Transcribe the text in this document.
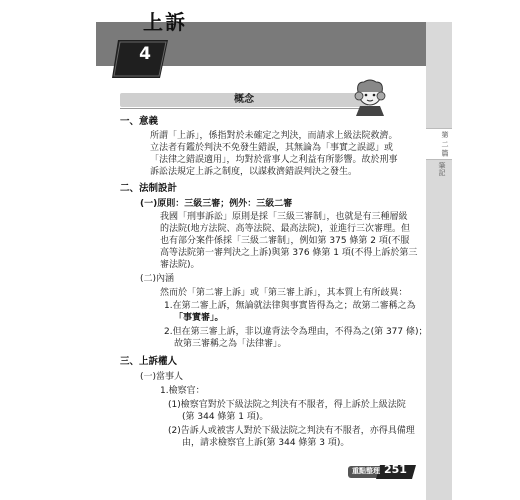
第 二 篇
筆記
上訴
4
概念
一、意義
所謂「上訴」，係指對於未確定之判決，而請求上級法院救濟。
立法者有鑑於判決不免發生錯誤，其無論為「事實之誤認」或
「法律之錯誤適用」，均對於當事人之利益有所影響。故於刑事
訴訟法規定上訴之制度，以謀救濟錯誤判決之發生。
二、法制設計
(一)原則：三級三審；例外：三級二審
我國「刑事訴訟」原則是採「三級三審制」，也就是有三種層級
的法院(地方法院、高等法院、最高法院)，並進行三次審理。但
也有部分案件係採「三級二審制」，例如第 375 條第 2 項(不服
高等法院第一審判決之上訴)與第 376 條第 1 項(不得上訴於第三
審法院)。
(二)內涵
然而於「第二審上訴」或「第三審上訴」，其本質上有所歧異：
1.在第二審上訴，無論就法律與事實皆得為之；故第二審稱之為
「事實審」。
2.但在第三審上訴，非以違背法令為理由，不得為之(第 377 條)；
故第三審稱之為「法律審」。
三、上訴權人
(一)當事人
1.檢察官：
(1)檢察官對於下級法院之判決有不服者，得上訴於上級法院
(第 344 條第 1 項)。
(2)告訴人或被害人對於下級法院之判決有不服者，亦得具備理
由，請求檢察官上訴(第 344 條第 3 項)。
重點整理 251
